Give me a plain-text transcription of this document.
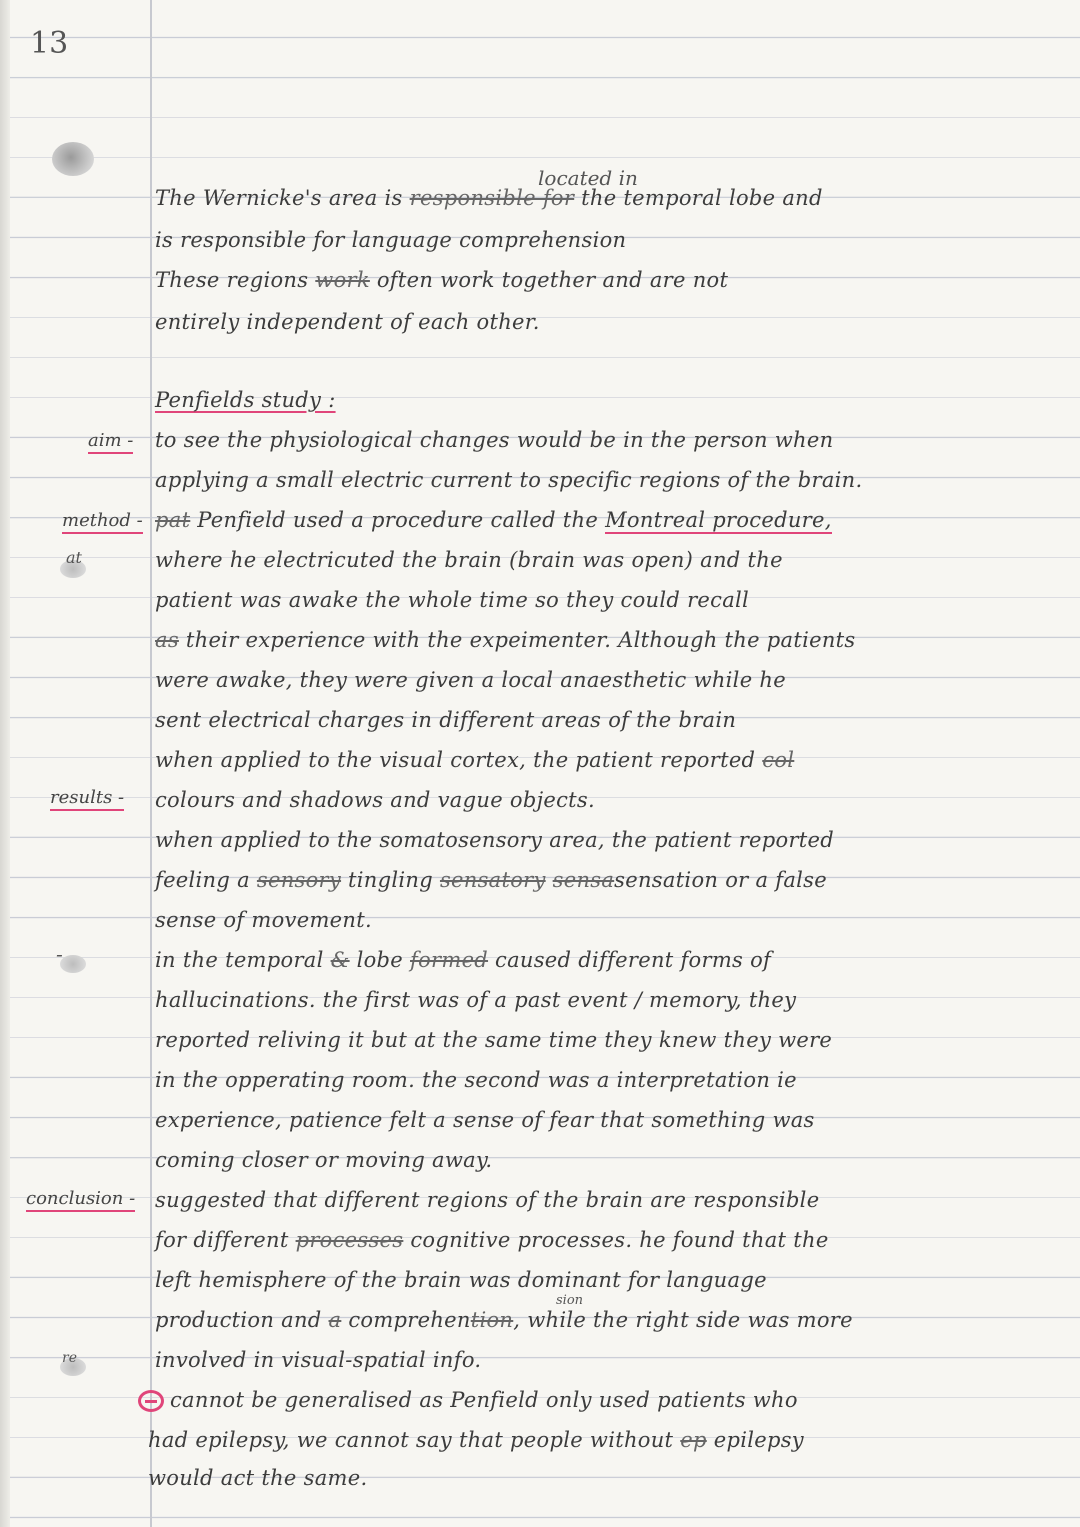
13
located in
The Wernicke's area is responsible for the temporal lobe and
is responsible for language comprehension
These regions work often work together and are not
entirely independent of each other.
Penfields study :
aim -
method -
at
results -
-
conclusion -
re
to see the physiological changes would be in the person when
applying a small electric current to specific regions of the brain.
pat Penfield used a procedure called the Montreal procedure,
where he electricuted the brain (brain was open) and the
patient was awake the whole time so they could recall
as their experience with the expeimenter. Although the patients
were awake, they were given a local anaesthetic while he
sent electrical charges in different areas of the brain
when applied to the visual cortex, the patient reported col
colours and shadows and vague objects.
when applied to the somatosensory area, the patient reported
feeling a sensory tingling sensatory sensasensation or a false
sense of movement.
in the temporal & lobe formed caused different forms of
hallucinations. the first was of a past event / memory, they
reported reliving it but at the same time they knew they were
in the opperating room. the second was a interpretation ie
experience, patience felt a sense of fear that something was
coming closer or moving away.
suggested that different regions of the brain are responsible
for different processes cognitive processes. he found that the
left hemisphere of the brain was dominant for language
sion
production and a comprehention, while the right side was more
involved in visual-spatial info.
cannot be generalised as Penfield only used patients who
had epilepsy, we cannot say that people without ep epilepsy
would act the same.
